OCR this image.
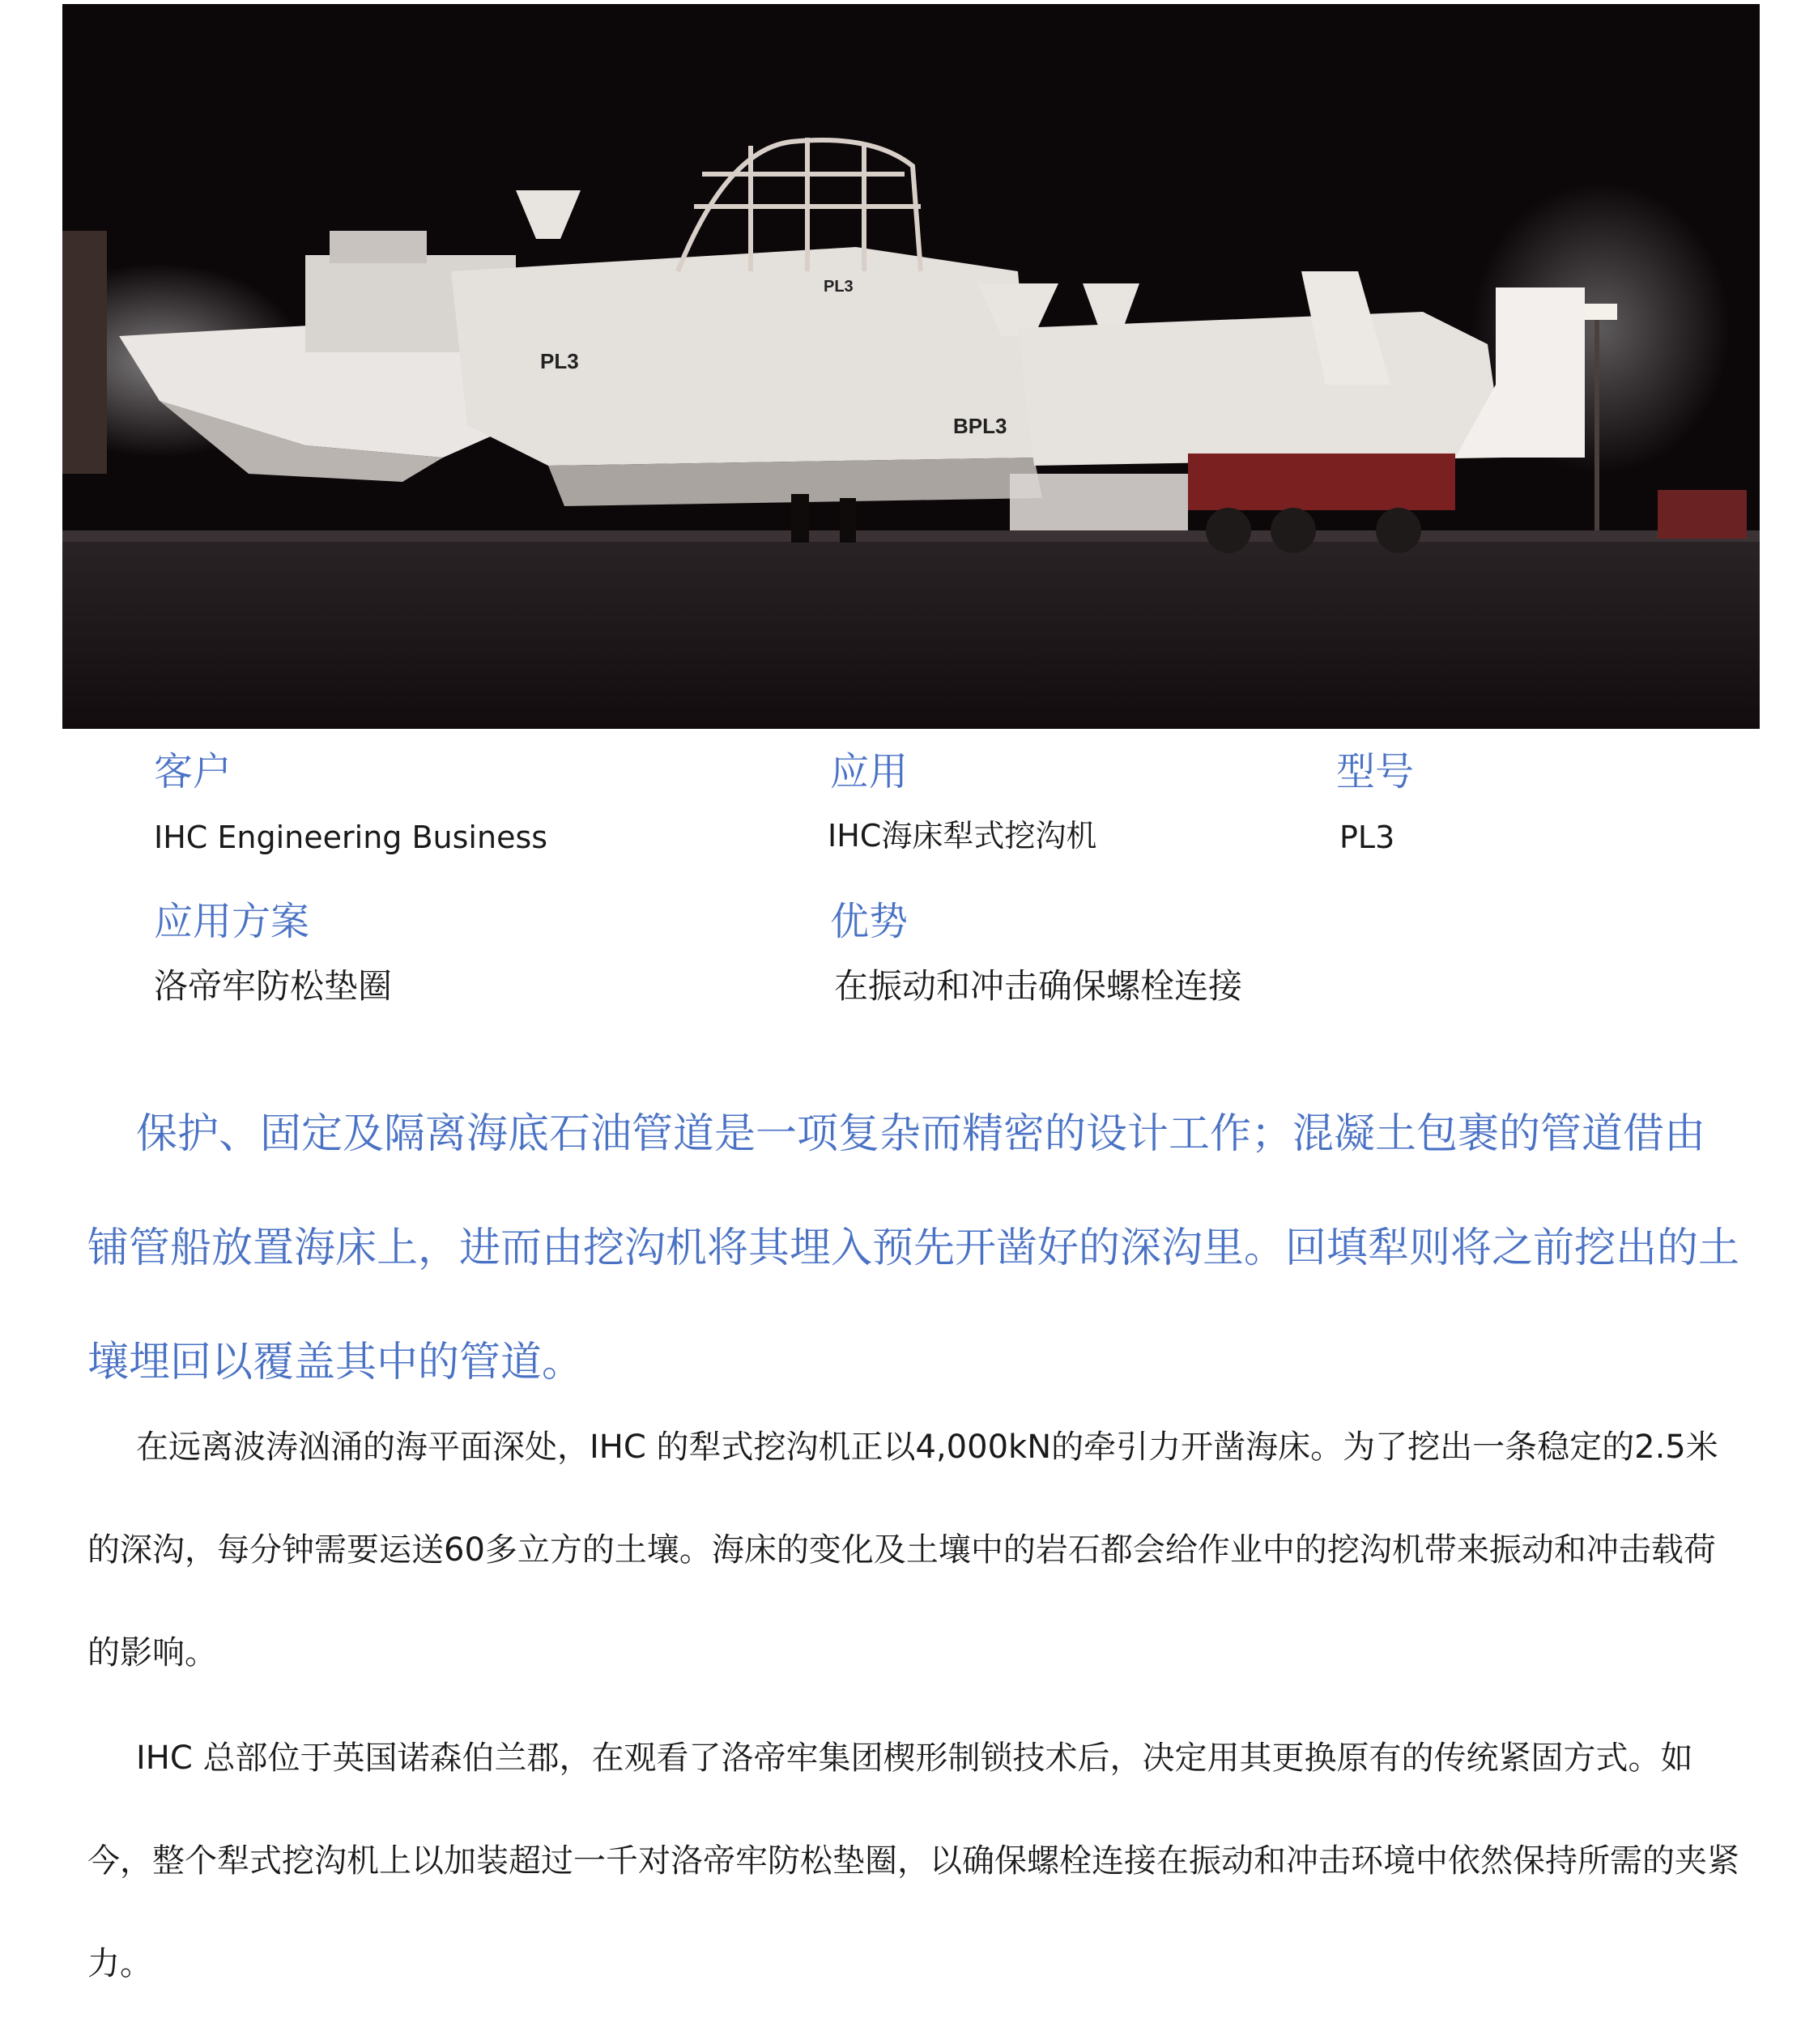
PL3
PL3
BPL3
客户
IHC Engineering Business
应用
IHC海床犁式挖沟机
型号
PL3
应用方案
洛帝牢防松垫圈
优势
在振动和冲击确保螺栓连接

保护、固定及隔离海底石油管道是一项复杂而精密的设计工作；混凝土包裹的管道借由铺管船放置海床上，进而由挖沟机将其埋入预先开凿好的深沟里。回填犁则将之前挖出的土壤埋回以覆盖其中的管道。

在远离波涛汹涌的海平面深处，IHC 的犁式挖沟机正以4,000kN的牵引力开凿海床。为了挖出一条稳定的2.5米的深沟，每分钟需要运送60多立方的土壤。海床的变化及土壤中的岩石都会给作业中的挖沟机带来振动和冲击载荷的影响。

IHC 总部位于英国诺森伯兰郡，在观看了洛帝牢集团楔形制锁技术后，决定用其更换原有的传统紧固方式。如今，整个犁式挖沟机上以加装超过一千对洛帝牢防松垫圈，以确保螺栓连接在振动和冲击环境中依然保持所需的夹紧力。
